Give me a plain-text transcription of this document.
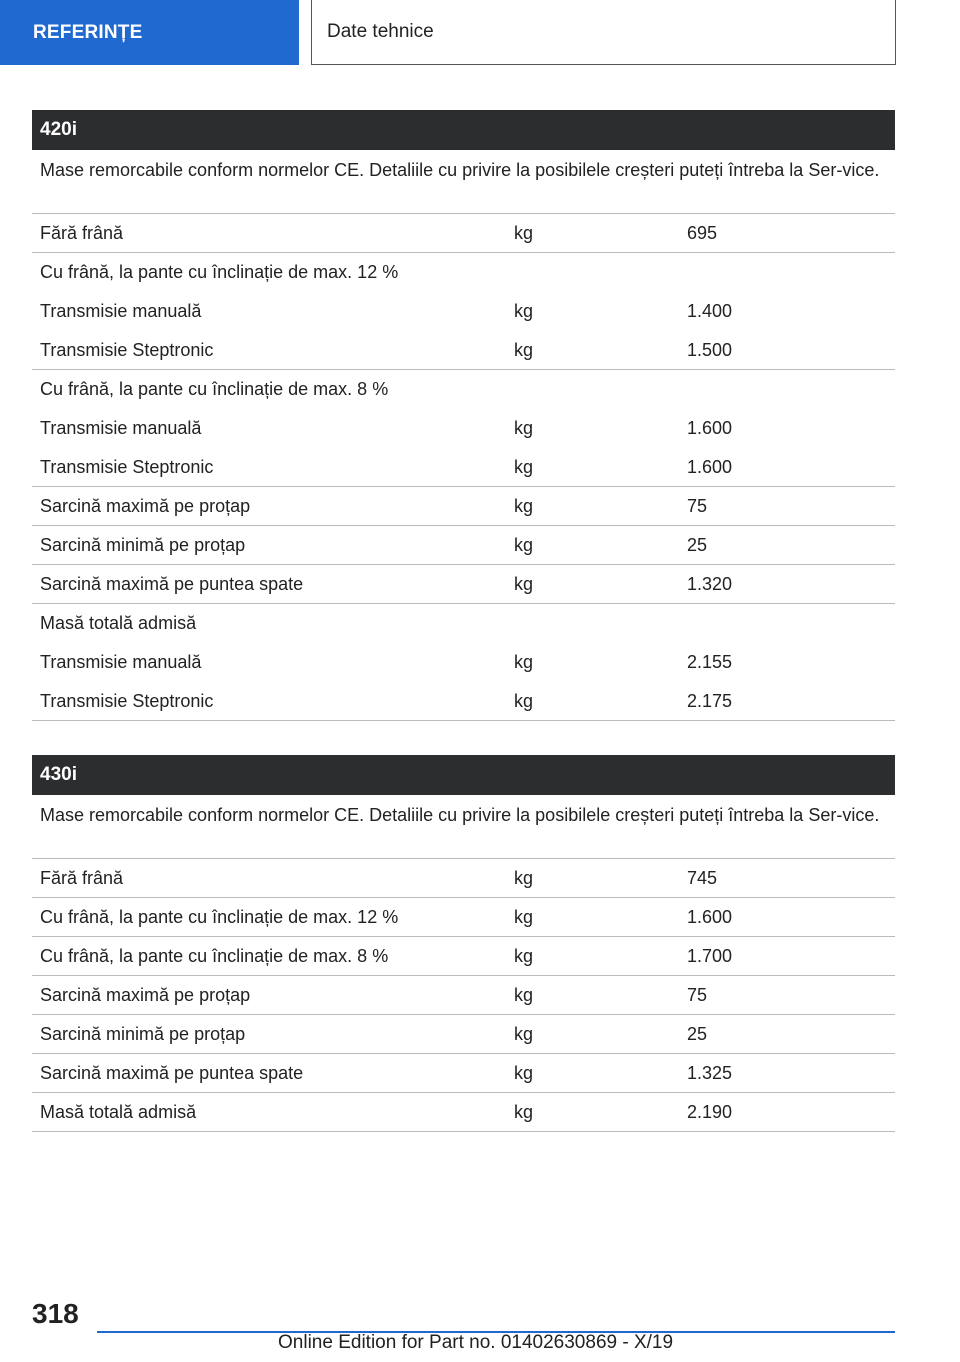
REFERINȚE	Date tehnice
420i
Mase remorcabile conform normelor CE. Detaliile cu privire la posibilele creșteri puteți întreba la Ser-vice.
Fără frână	kg	695
Cu frână, la pante cu înclinație de max. 12 %
Transmisie manuală	kg	1.400
Transmisie Steptronic	kg	1.500
Cu frână, la pante cu înclinație de max. 8 %
Transmisie manuală	kg	1.600
Transmisie Steptronic	kg	1.600
Sarcină maximă pe proțap	kg	75
Sarcină minimă pe proțap	kg	25
Sarcină maximă pe puntea spate	kg	1.320
Masă totală admisă
Transmisie manuală	kg	2.155
Transmisie Steptronic	kg	2.175
430i
Mase remorcabile conform normelor CE. Detaliile cu privire la posibilele creșteri puteți întreba la Ser-vice.
Fără frână	kg	745
Cu frână, la pante cu înclinație de max. 12 %	kg	1.600
Cu frână, la pante cu înclinație de max. 8 %	kg	1.700
Sarcină maximă pe proțap	kg	75
Sarcină minimă pe proțap	kg	25
Sarcină maximă pe puntea spate	kg	1.325
Masă totală admisă	kg	2.190
318
Online Edition for Part no. 01402630869 - X/19
